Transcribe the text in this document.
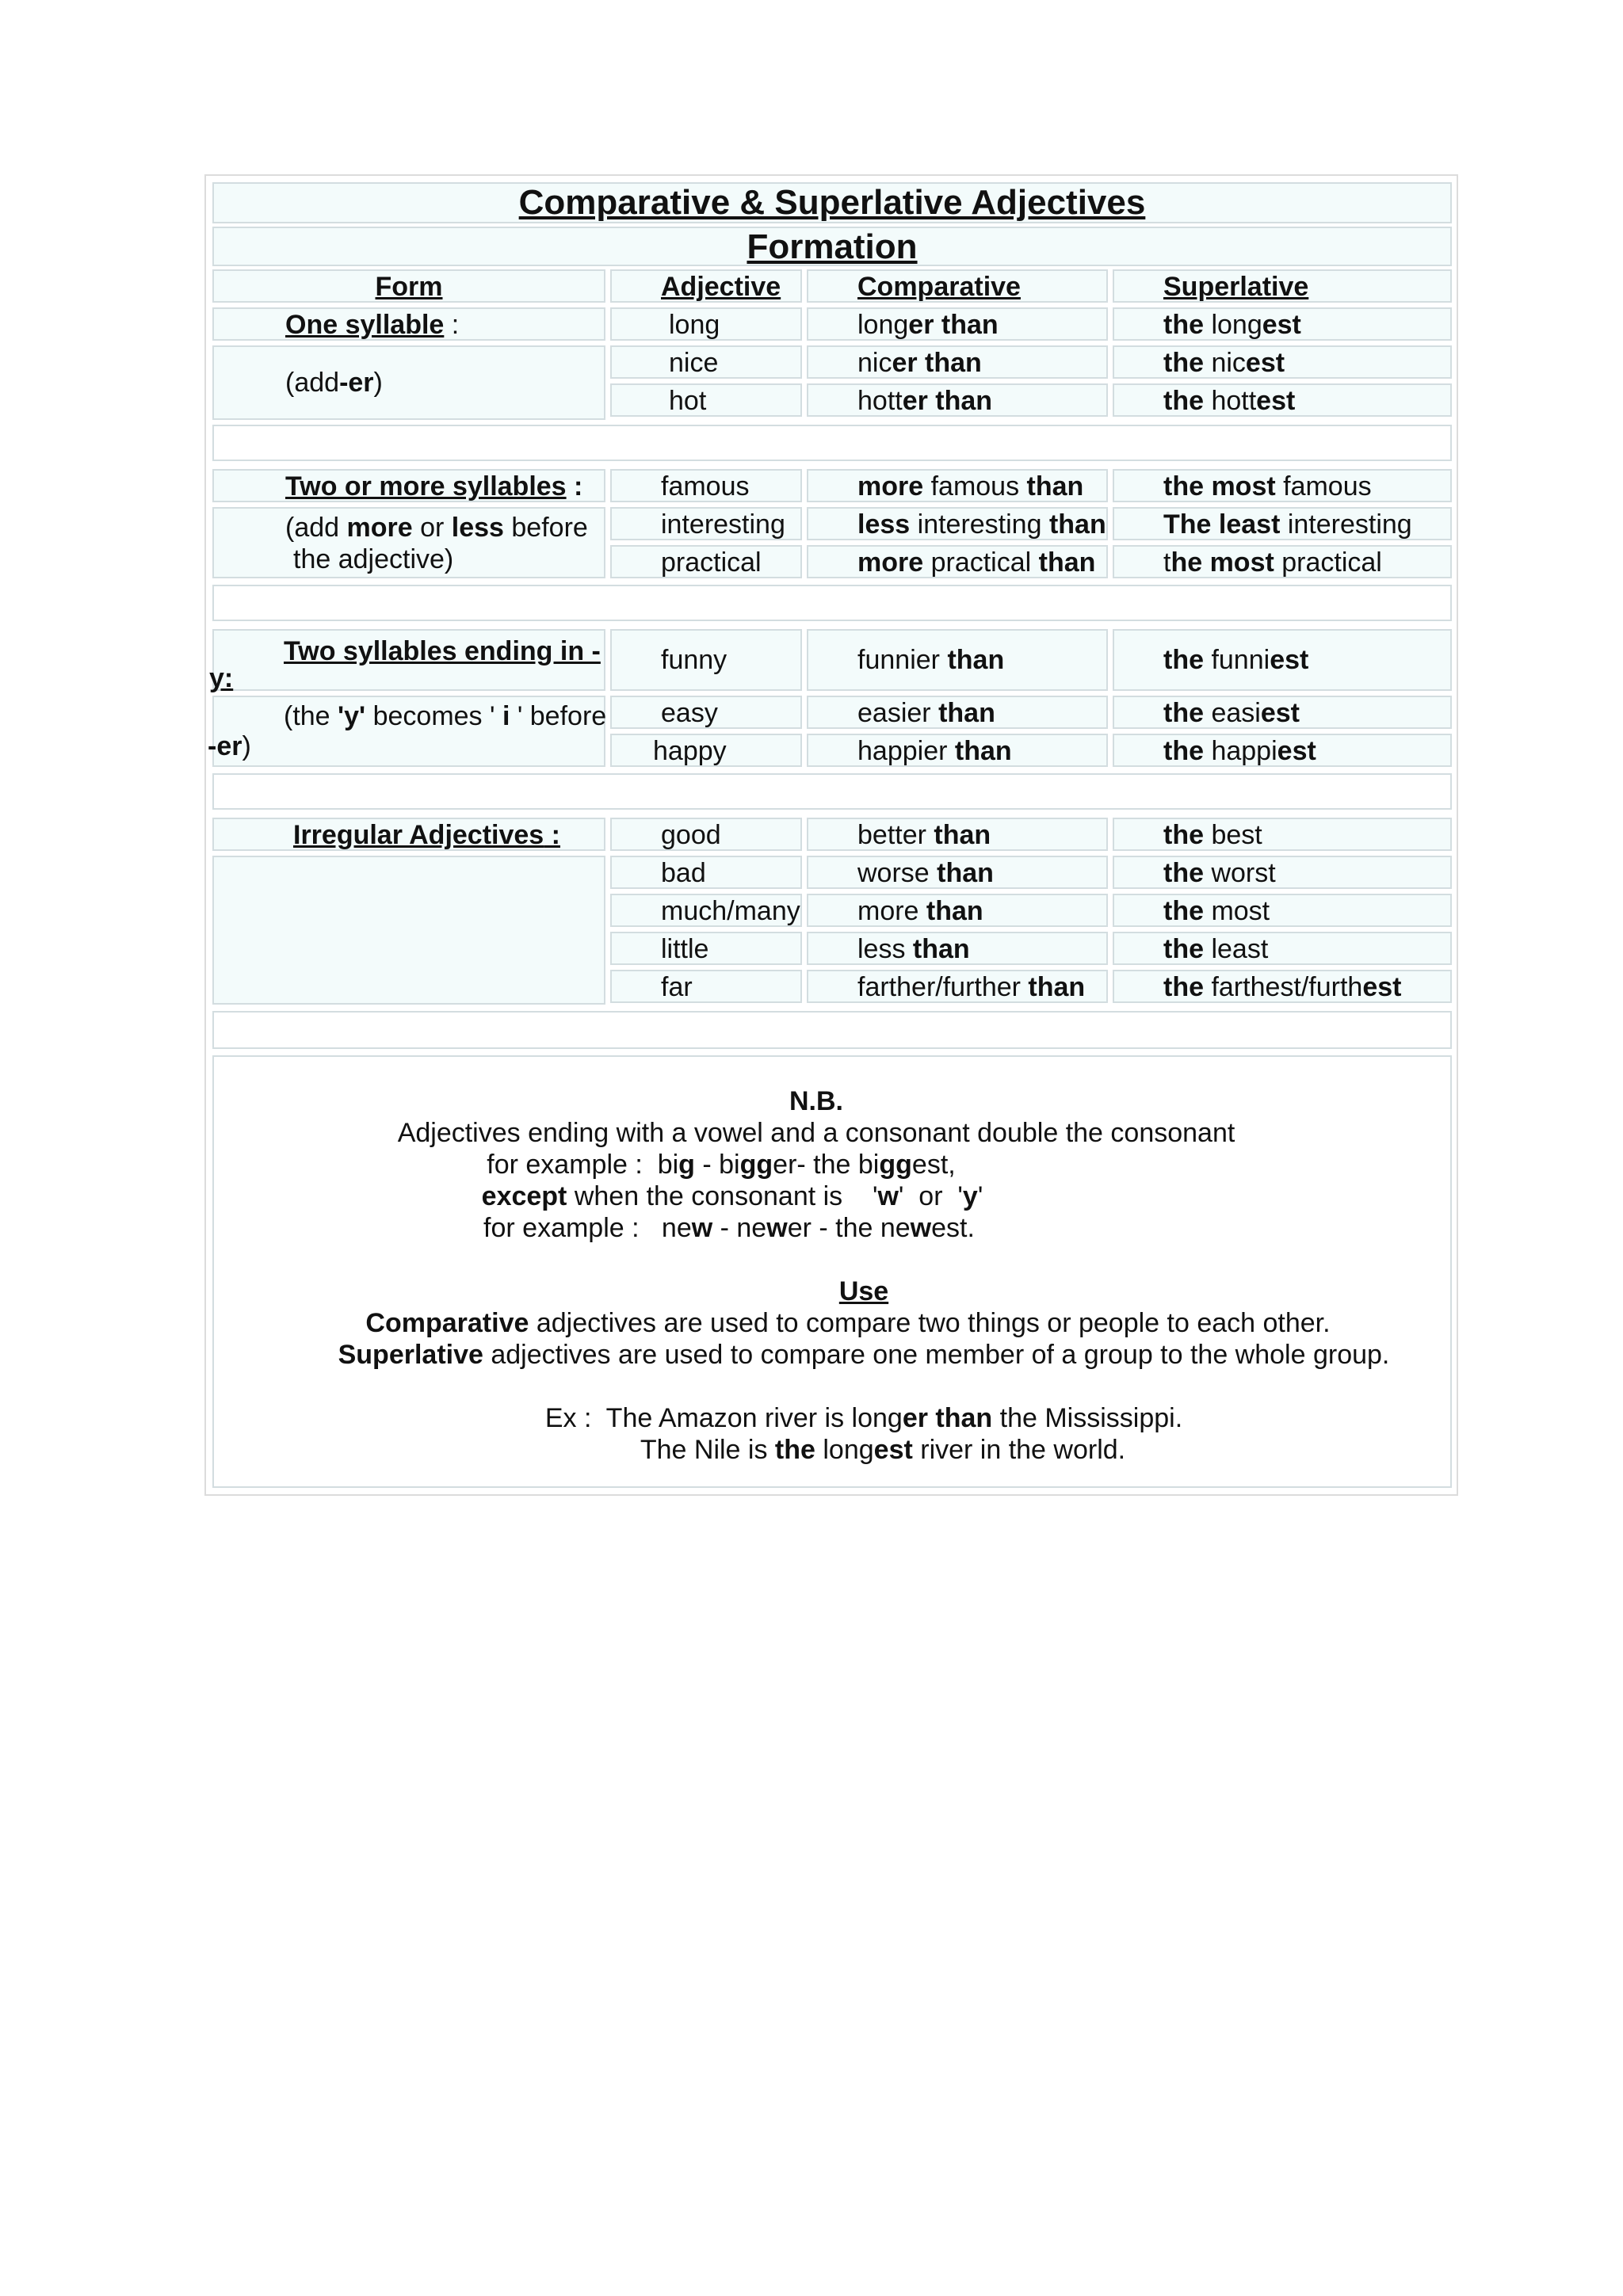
Comparative & Superlative Adjectives
Formation
Form	Adjective	Comparative	Superlative
One syllable :
(add -er )
long	longer than	the longest
nice	nicer than	the nicest
hot	hotter than	the hottest
Two or more syllables :
(add more or less before
the adjective)
famous	more famous than	the most famous
interesting	less interesting than	The least interesting
practical	more practical than	the most practical
Two syllables ending in -
y:
(the 'y' becomes ' i ' before
-er)
funny	funnier than	the funniest
easy	easier than	the easiest
happy	happier than	the happiest
Irregular Adjectives :	good	better than	the best
bad	worse than	the worst
much/many	more than	the most
little	less than	the least
far	farther/further than	the farthest/furthest
N.B.
Adjectives ending with a vowel and a consonant double the consonant
for example :  big - bigger- the biggest,
except when the consonant is    'w'  or  'y'
for example :   new - newer - the newest.
Use
Comparative adjectives are used to compare two things or people to each other.
Superlative adjectives are used to compare one member of a group to the whole group.
Ex :  The Amazon river is longer than the Mississippi.
The Nile is the longest river in the world.
